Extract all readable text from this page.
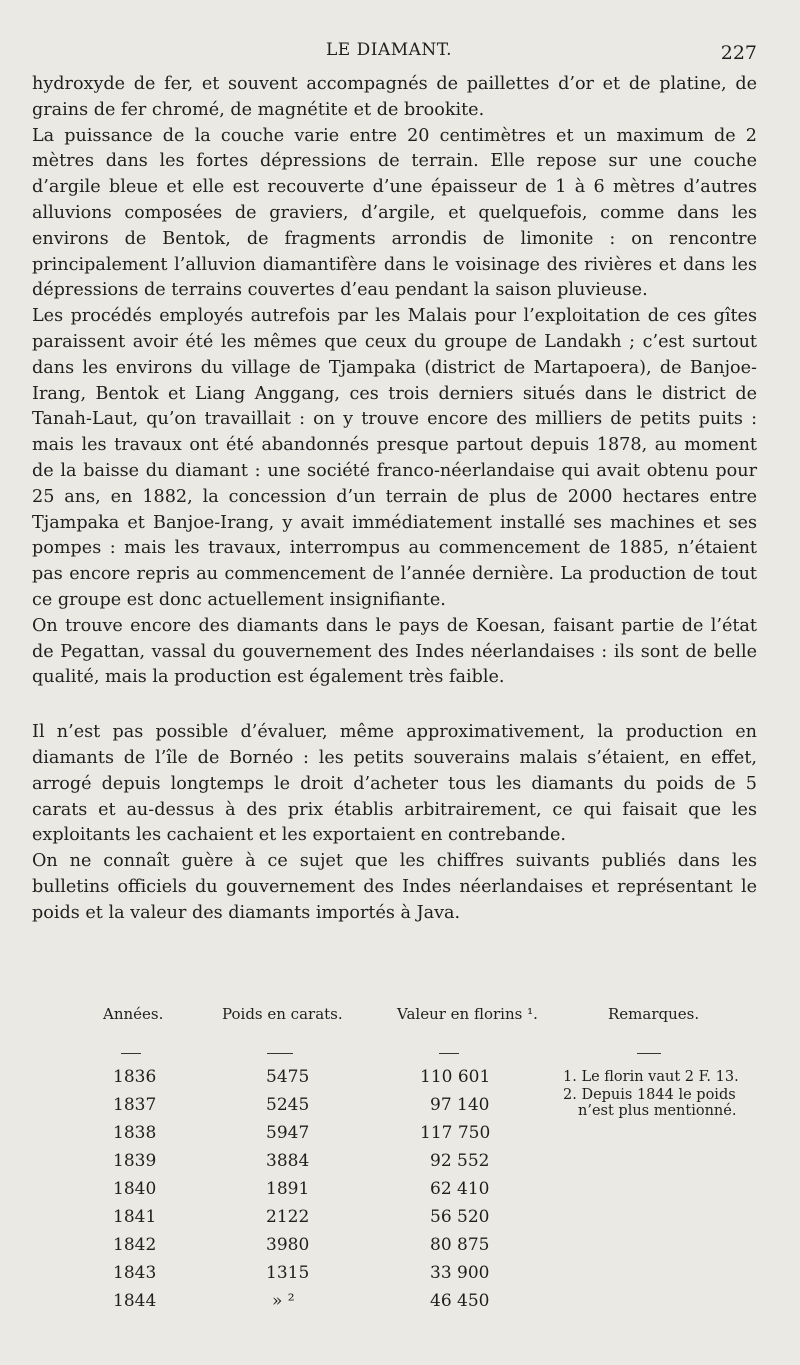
LE DIAMANT.	227

hydroxyde de fer, et souvent accompagnés de paillettes d’or et de platine, de grains de fer chromé, de magnétite et de brookite.

La puissance de la couche varie entre 20 centimètres et un maximum de 2 mètres dans les fortes dépressions de terrain. Elle repose sur une couche d’argile bleue et elle est recouverte d’une épaisseur de 1 à 6 mètres d’autres alluvions composées de graviers, d’argile, et quelquefois, comme dans les environs de Bentok, de fragments arrondis de limonite : on rencontre principalement l’alluvion diamantifère dans le voisinage des rivières et dans les dépressions de terrains couvertes d’eau pendant la saison pluvieuse.

Les procédés employés autrefois par les Malais pour l’exploitation de ces gîtes paraissent avoir été les mêmes que ceux du groupe de Landakh ; c’est surtout dans les environs du village de Tjampaka (district de Martapoera), de Banjoe-Irang, Bentok et Liang Anggang, ces trois derniers situés dans le district de Tanah-Laut, qu’on travaillait : on y trouve encore des milliers de petits puits : mais les travaux ont été abandonnés presque partout depuis 1878, au moment de la baisse du diamant : une société franco-néerlandaise qui avait obtenu pour 25 ans, en 1882, la concession d’un terrain de plus de 2000 hectares entre Tjampaka et Banjoe-Irang, y avait immédiatement installé ses machines et ses pompes : mais les travaux, interrompus au commencement de 1885, n’étaient pas encore repris au commencement de l’année dernière. La production de tout ce groupe est donc actuellement insignifiante.

On trouve encore des diamants dans le pays de Koesan, faisant partie de l’état de Pegattan, vassal du gouvernement des Indes néerlandaises : ils sont de belle qualité, mais la production est également très faible.

Il n’est pas possible d’évaluer, même approximativement, la production en diamants de l’île de Bornéo : les petits souverains malais s’étaient, en effet, arrogé depuis longtemps le droit d’acheter tous les diamants du poids de 5 carats et au-dessus à des prix établis arbitrairement, ce qui faisait que les exploitants les cachaient et les exportaient en contrebande.

On ne connaît guère à ce sujet que les chiffres suivants publiés dans les bulletins officiels du gouvernement des Indes néerlandaises et représentant le poids et la valeur des diamants importés à Java.

Années.	Poids en carats.	Valeur en florins ¹.	Remarques.
1836	5475	110 601
1837	5245	97 140
1838	5947	117 750
1839	3884	92 552
1840	1891	62 410
1841	2122	56 520
1842	3980	80 875
1843	1315	33 900
1844	» ²	46 450
1. Le florin vaut 2 F. 13.
2. Depuis 1844 le poids
n’est plus mentionné.
